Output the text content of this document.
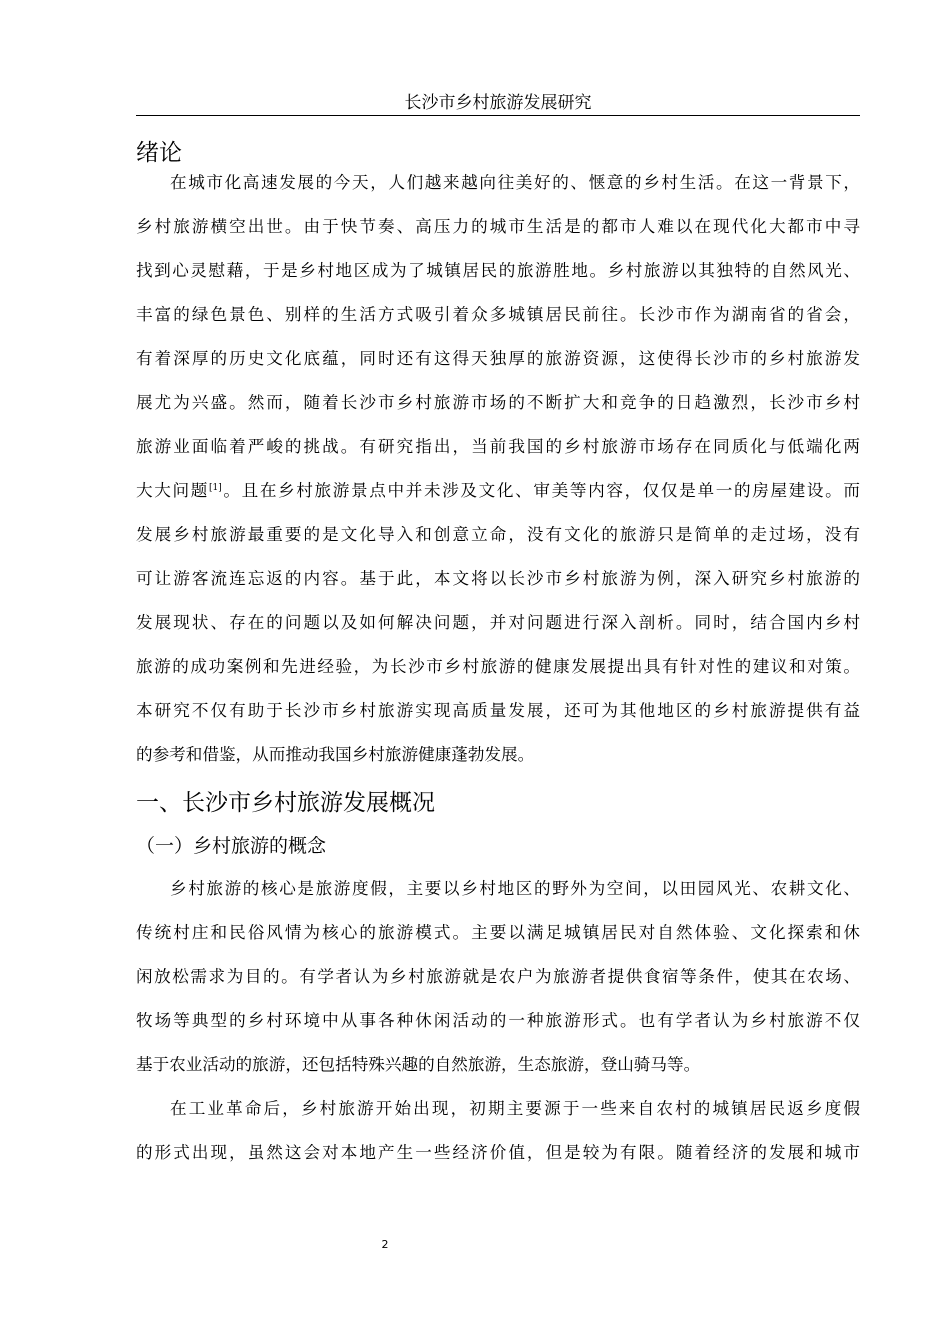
长沙市乡村旅游发展研究
绪论
在城市化高速发展的今天，人们越来越向往美好的、惬意的乡村生活。在这一背景下，
乡村旅游横空出世。由于快节奏、高压力的城市生活是的都市人难以在现代化大都市中寻
找到心灵慰藉，于是乡村地区成为了城镇居民的旅游胜地。乡村旅游以其独特的自然风光、
丰富的绿色景色、别样的生活方式吸引着众多城镇居民前往。长沙市作为湖南省的省会，
有着深厚的历史文化底蕴，同时还有这得天独厚的旅游资源，这使得长沙市的乡村旅游发
展尤为兴盛。然而，随着长沙市乡村旅游市场的不断扩大和竞争的日趋激烈，长沙市乡村
旅游业面临着严峻的挑战。有研究指出，当前我国的乡村旅游市场存在同质化与低端化两
大大问题[1]。且在乡村旅游景点中并未涉及文化、审美等内容，仅仅是单一的房屋建设。而
发展乡村旅游最重要的是文化导入和创意立命，没有文化的旅游只是简单的走过场，没有
可让游客流连忘返的内容。基于此，本文将以长沙市乡村旅游为例，深入研究乡村旅游的
发展现状、存在的问题以及如何解决问题，并对问题进行深入剖析。同时，结合国内乡村
旅游的成功案例和先进经验，为长沙市乡村旅游的健康发展提出具有针对性的建议和对策。
本研究不仅有助于长沙市乡村旅游实现高质量发展，还可为其他地区的乡村旅游提供有益
的参考和借鉴，从而推动我国乡村旅游健康蓬勃发展。
一、长沙市乡村旅游发展概况
（一）乡村旅游的概念
乡村旅游的核心是旅游度假，主要以乡村地区的野外为空间，以田园风光、农耕文化、
传统村庄和民俗风情为核心的旅游模式。主要以满足城镇居民对自然体验、文化探索和休
闲放松需求为目的。有学者认为乡村旅游就是农户为旅游者提供食宿等条件，使其在农场、
牧场等典型的乡村环境中从事各种休闲活动的一种旅游形式。也有学者认为乡村旅游不仅
基于农业活动的旅游，还包括特殊兴趣的自然旅游，生态旅游，登山骑马等。
在工业革命后，乡村旅游开始出现，初期主要源于一些来自农村的城镇居民返乡度假
的形式出现，虽然这会对本地产生一些经济价值，但是较为有限。随着经济的发展和城市
2
